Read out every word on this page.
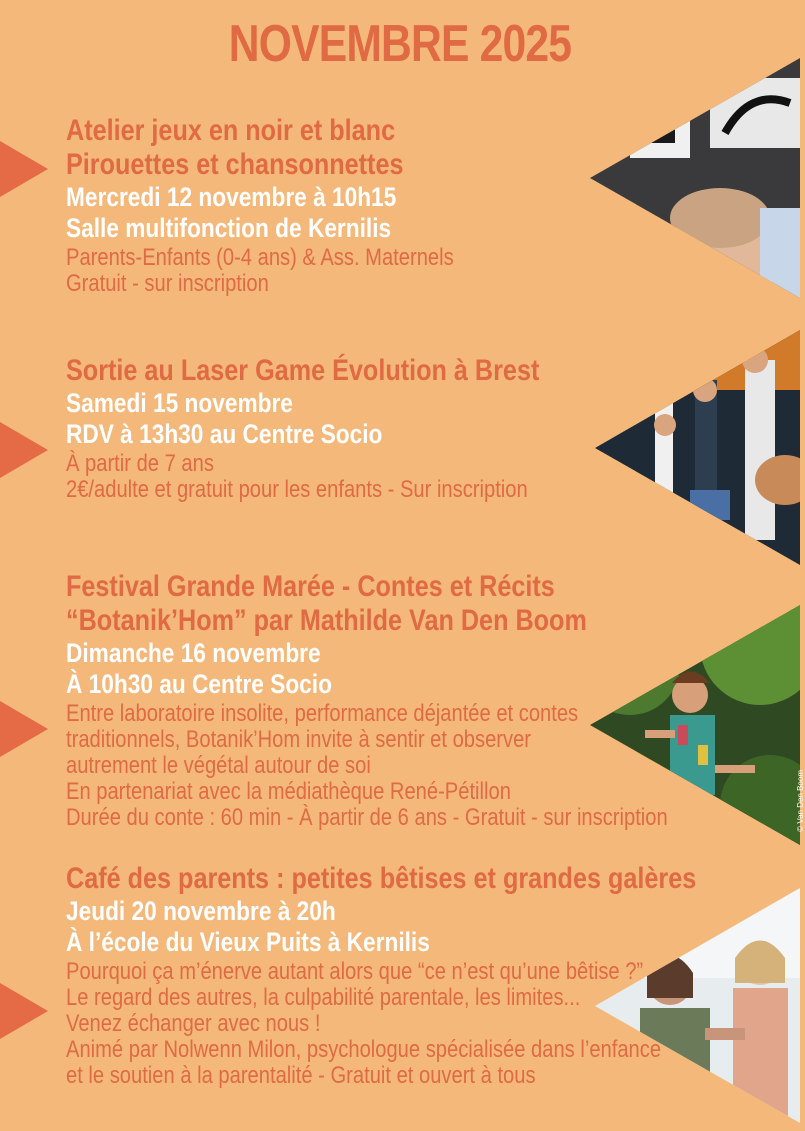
NOVEMBRE 2025
Atelier jeux en noir et blanc
Pirouettes et chansonnettes
Mercredi 12 novembre à 10h15
Salle multifonction de Kernilis
Parents-Enfants (0-4 ans) & Ass. Maternels
Gratuit - sur inscription
Sortie au Laser Game Évolution à Brest
Samedi 15 novembre
RDV à 13h30 au Centre Socio
À partir de 7 ans
2€/adulte et gratuit pour les enfants - Sur inscription
Festival Grande Marée - Contes et Récits
“Botanik’Hom” par Mathilde Van Den Boom
Dimanche 16 novembre
À 10h30 au Centre Socio
Entre laboratoire insolite, performance déjantée et contes
traditionnels, Botanik’Hom invite à sentir et observer
autrement le végétal autour de soi
En partenariat avec la médiathèque René-Pétillon
Durée du conte : 60 min - À partir de 6 ans - Gratuit - sur inscription	© Van Den Boom
Café des parents : petites bêtises et grandes galères
Jeudi 20 novembre à 20h
À l’école du Vieux Puits à Kernilis
Pourquoi ça m’énerve autant alors que “ce n’est qu’une bêtise ?”
Le regard des autres, la culpabilité parentale, les limites...
Venez échanger avec nous !
Animé par Nolwenn Milon, psychologue spécialisée dans l’enfance
et le soutien à la parentalité - Gratuit et ouvert à tous
